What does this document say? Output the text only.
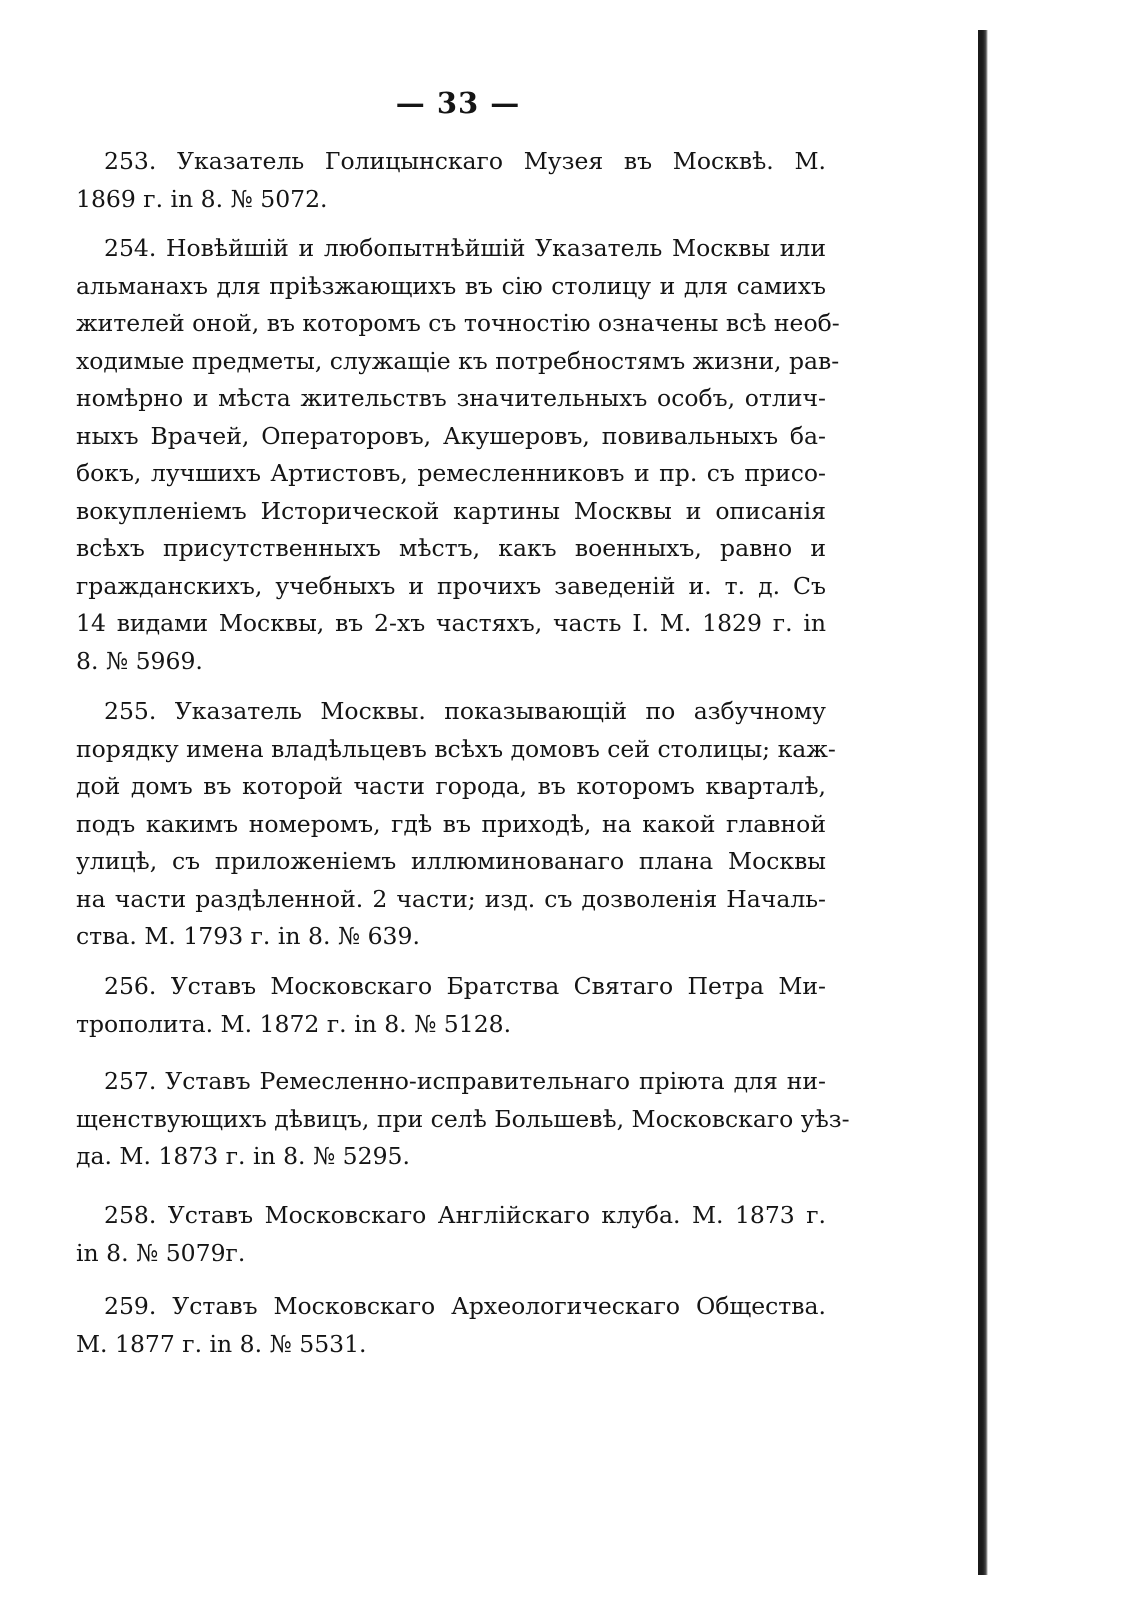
— 33 —
253. Указатель Голицынскаго Музея въ Москвѣ. М.
1869 г. in 8. № 5072.
254. Новѣйшій и любопытнѣйшій Указатель Москвы или
альманахъ для пріѣзжающихъ въ сію столицу и для самихъ
жителей оной, въ которомъ съ точностію означены всѣ необ-
ходимые предметы, служащіе къ потребностямъ жизни, рав-
номѣрно и мѣста жительствъ значительныхъ особъ, отлич-
ныхъ Врачей, Операторовъ, Акушеровъ, повивальныхъ ба-
бокъ, лучшихъ Артистовъ, ремесленниковъ и пр. съ присо-
вокупленіемъ Исторической картины Москвы и описанія
всѣхъ присутственныхъ мѣстъ, какъ военныхъ, равно и
гражданскихъ, учебныхъ и прочихъ заведеній и. т. д. Съ
14 видами Москвы, въ 2-хъ частяхъ, часть I. М. 1829 г. in
8. № 5969.
255. Указатель Москвы. показывающій по азбучному
порядку имена владѣльцевъ всѣхъ домовъ сей столицы; каж-
дой домъ въ которой части города, въ которомъ кварталѣ,
подъ какимъ номеромъ, гдѣ въ приходѣ, на какой главной
улицѣ, съ приложеніемъ иллюминованаго плана Москвы
на части раздѣленной. 2 части; изд. съ дозволенія Началь-
ства. М. 1793 г. in 8. № 639.
256. Уставъ Московскаго Братства Святаго Петра Ми-
трополита. М. 1872 г. in 8. № 5128.
257. Уставъ Ремесленно-исправительнаго пріюта для ни-
щенствующихъ дѣвицъ, при селѣ Большевѣ, Московскаго уѣз-
да. М. 1873 г. in 8. № 5295.
258. Уставъ Московскаго Англійскаго клуба. М. 1873 г.
in 8. № 5079г.
259. Уставъ Московскаго Археологическаго Общества.
М. 1877 г. in 8. № 5531.
